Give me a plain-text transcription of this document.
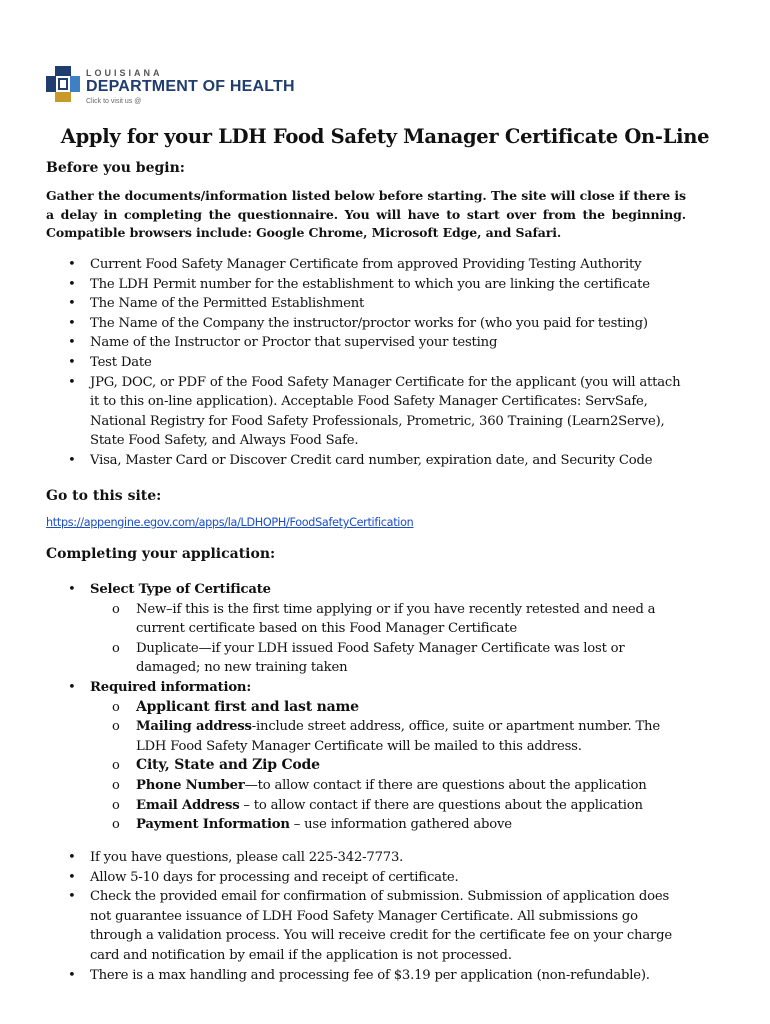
LOUISIANA
DEPARTMENT OF HEALTH
Click to visit us @
Apply for your LDH Food Safety Manager Certificate On-Line
Before you begin:
Gather the documents/information listed below before starting. The site will close if there is a delay in completing the questionnaire. You will have to start over from the beginning. Compatible browsers include: Google Chrome, Microsoft Edge, and Safari.
• Current Food Safety Manager Certificate from approved Providing Testing Authority
• The LDH Permit number for the establishment to which you are linking the certificate
• The Name of the Permitted Establishment
• The Name of the Company the instructor/proctor works for (who you paid for testing)
• Name of the Instructor or Proctor that supervised your testing
• Test Date
• JPG, DOC, or PDF of the Food Safety Manager Certificate for the applicant (you will attach it to this on-line application). Acceptable Food Safety Manager Certificates: ServSafe, National Registry for Food Safety Professionals, Prometric, 360 Training (Learn2Serve), State Food Safety, and Always Food Safe.
• Visa, Master Card or Discover Credit card number, expiration date, and Security Code
Go to this site:
https://appengine.egov.com/apps/la/LDHOPH/FoodSafetyCertification
Completing your application:
• Select Type of Certificate
o New–if this is the first time applying or if you have recently retested and need a current certificate based on this Food Manager Certificate
o Duplicate—if your LDH issued Food Safety Manager Certificate was lost or damaged; no new training taken
• Required information:
o Applicant first and last name
o Mailing address-include street address, office, suite or apartment number. The LDH Food Safety Manager Certificate will be mailed to this address.
o City, State and Zip Code
o Phone Number—to allow contact if there are questions about the application
o Email Address – to allow contact if there are questions about the application
o Payment Information – use information gathered above
• If you have questions, please call 225-342-7773.
• Allow 5-10 days for processing and receipt of certificate.
• Check the provided email for confirmation of submission. Submission of application does not guarantee issuance of LDH Food Safety Manager Certificate. All submissions go through a validation process. You will receive credit for the certificate fee on your charge card and notification by email if the application is not processed.
• There is a max handling and processing fee of $3.19 per application (non-refundable).
